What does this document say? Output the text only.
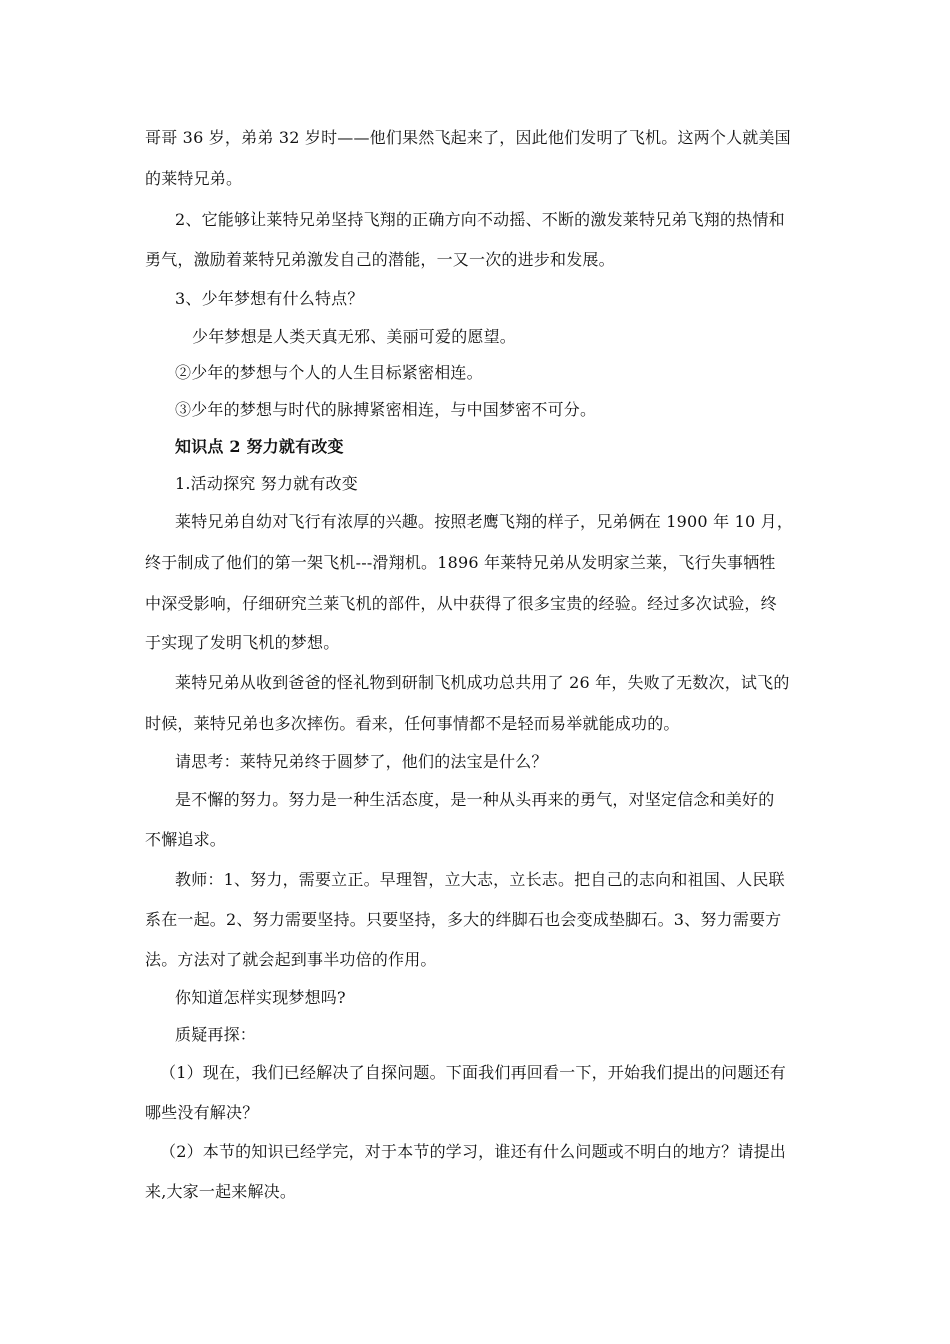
哥哥 36 岁，弟弟 32 岁时——他们果然飞起来了，因此他们发明了飞机。这两个人就美国
的莱特兄弟。
2、它能够让莱特兄弟坚持飞翔的正确方向不动摇、不断的激发莱特兄弟飞翔的热情和
勇气，激励着莱特兄弟激发自己的潜能，一又一次的进步和发展。
3、少年梦想有什么特点？
少年梦想是人类天真无邪、美丽可爱的愿望。
②少年的梦想与个人的人生目标紧密相连。
③少年的梦想与时代的脉搏紧密相连，与中国梦密不可分。
知识点 2 努力就有改变
1.活动探究 努力就有改变
莱特兄弟自幼对飞行有浓厚的兴趣。按照老鹰飞翔的样子，兄弟俩在 1900 年 10 月，
终于制成了他们的第一架飞机---滑翔机。1896 年莱特兄弟从发明家兰莱，飞行失事牺牲
中深受影响，仔细研究兰莱飞机的部件，从中获得了很多宝贵的经验。经过多次试验，终
于实现了发明飞机的梦想。
莱特兄弟从收到爸爸的怪礼物到研制飞机成功总共用了 26 年，失败了无数次，试飞的
时候，莱特兄弟也多次摔伤。看来，任何事情都不是轻而易举就能成功的。
请思考：莱特兄弟终于圆梦了，他们的法宝是什么？
是不懈的努力。努力是一种生活态度，是一种从头再来的勇气，对坚定信念和美好的
不懈追求。
教师：1、努力，需要立正。早理智，立大志，立长志。把自己的志向和祖国、人民联
系在一起。2、努力需要坚持。只要坚持，多大的绊脚石也会变成垫脚石。3、努力需要方
法。方法对了就会起到事半功倍的作用。
你知道怎样实现梦想吗?
质疑再探：
（1）现在，我们已经解决了自探问题。下面我们再回看一下，开始我们提出的问题还有
哪些没有解决？
（2）本节的知识已经学完，对于本节的学习，谁还有什么问题或不明白的地方？请提出
来,大家一起来解决。
